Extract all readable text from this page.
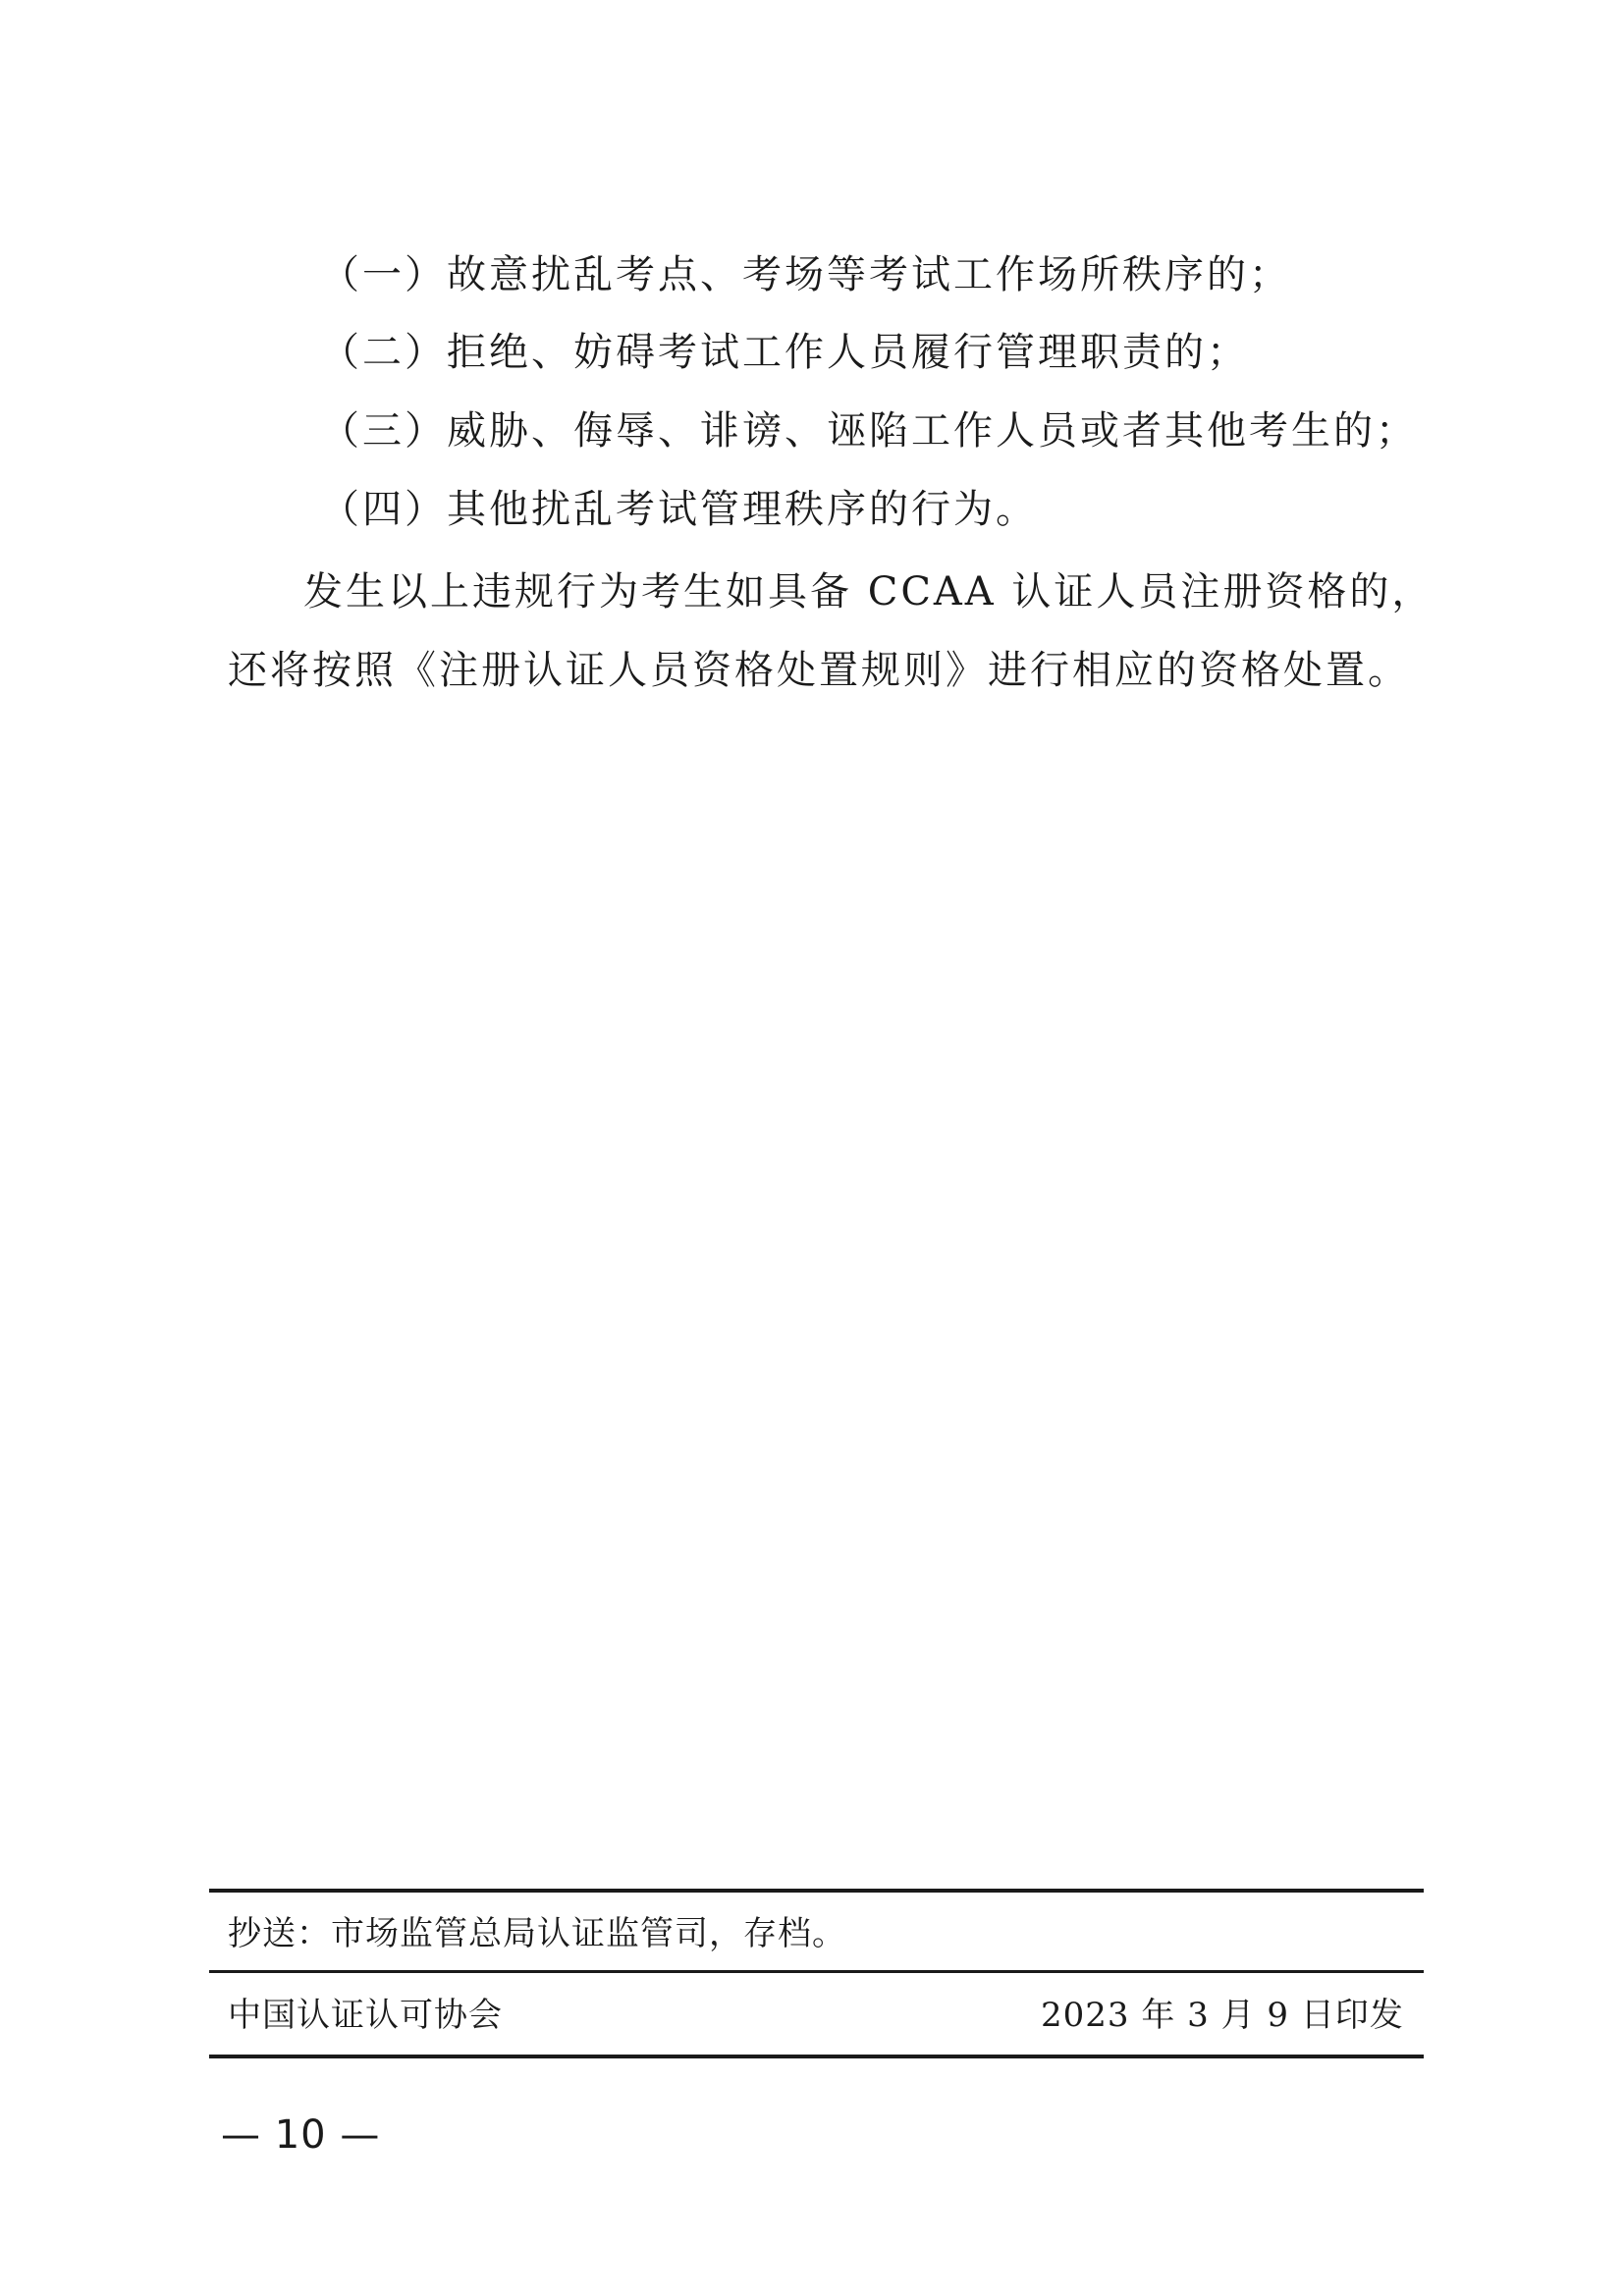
（一）故意扰乱考点、考场等考试工作场所秩序的；
（二）拒绝、妨碍考试工作人员履行管理职责的；
（三）威胁、侮辱、诽谤、诬陷工作人员或者其他考生的；
（四）其他扰乱考试管理秩序的行为。
发生以上违规行为考生如具备 CCAA 认证人员注册资格的，
还将按照《注册认证人员资格处置规则》进行相应的资格处置。
抄送：市场监管总局认证监管司，存档。
中国认证认可协会	2023 年 3 月 9 日印发
— 10 —
